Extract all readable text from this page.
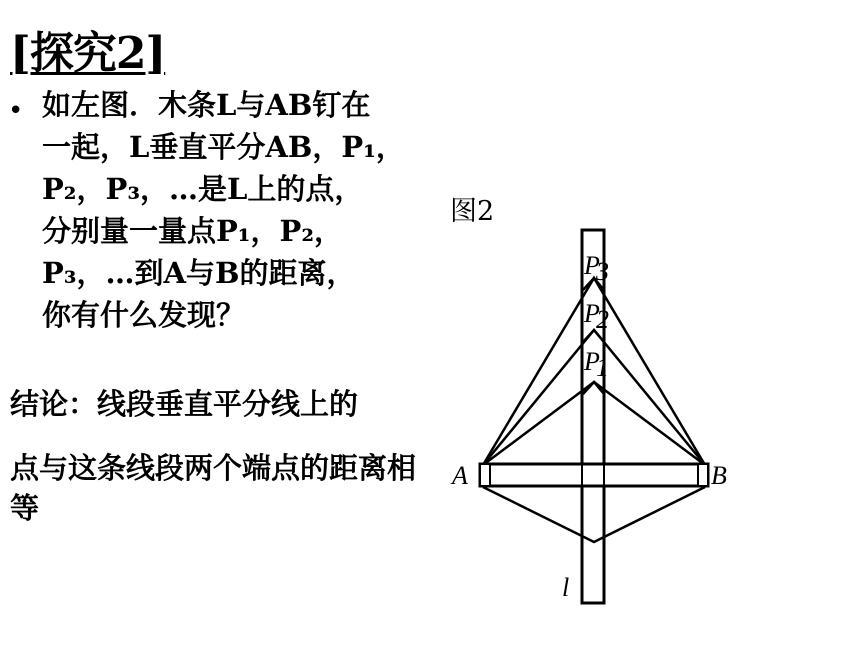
[探究2]
• 如左图．木条L与AB钉在
一起，L垂直平分AB，P₁，
P₂，P₃，…是L上的点，
分别量一量点P₁，P₂，
P₃，…到A与B的距离，
你有什么发现？
结论：线段垂直平分线上的
点与这条线段两个端点的距离相等
图2
A	B
P
3
P
2
P
1
l
